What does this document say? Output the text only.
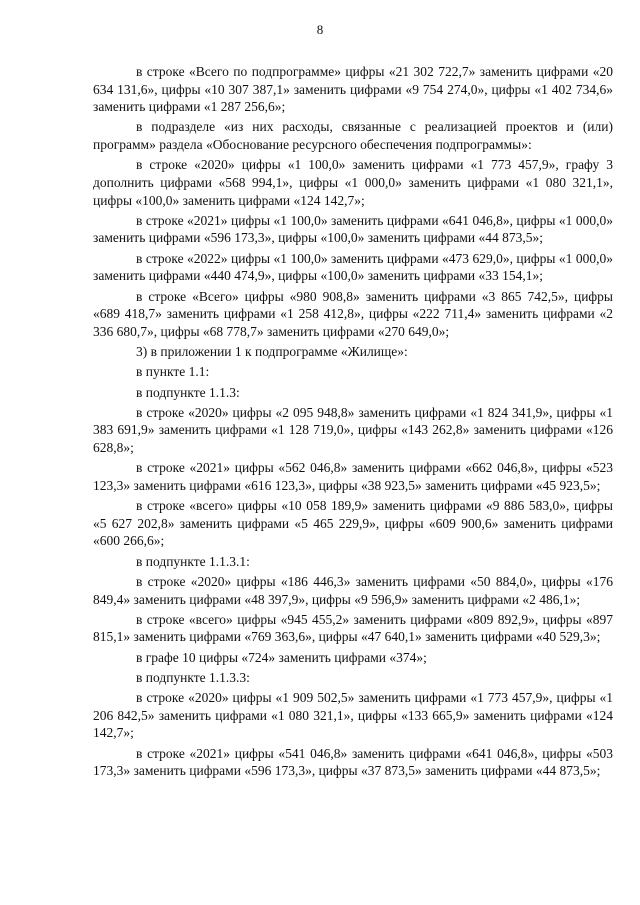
8

в строке «Всего по подпрограмме» цифры «21 302 722,7» заменить цифрами «20 634 131,6», цифры «10 307 387,1» заменить цифрами «9 754 274,0», цифры «1 402 734,6» заменить цифрами «1 287 256,6»;

в подразделе «из них расходы, связанные с реализацией проектов и (или) программ» раздела «Обоснование ресурсного обеспечения подпрограммы»:

в строке «2020» цифры «1 100,0» заменить цифрами «1 773 457,9», графу 3 дополнить цифрами «568 994,1», цифры «1 000,0» заменить цифрами «1 080 321,1», цифры «100,0» заменить цифрами «124 142,7»;

в строке «2021» цифры «1 100,0» заменить цифрами «641 046,8», цифры «1 000,0» заменить цифрами «596 173,3», цифры «100,0» заменить цифрами «44 873,5»;

в строке «2022» цифры «1 100,0» заменить цифрами «473 629,0», цифры «1 000,0» заменить цифрами «440 474,9», цифры «100,0» заменить цифрами «33 154,1»;

в строке «Всего» цифры «980 908,8» заменить цифрами «3 865 742,5», цифры «689 418,7» заменить цифрами «1 258 412,8», цифры «222 711,4» заменить цифрами «2 336 680,7», цифры «68 778,7» заменить цифрами «270 649,0»;

3) в приложении 1 к подпрограмме «Жилище»:

в пункте 1.1:

в подпункте 1.1.3:

в строке «2020» цифры «2 095 948,8» заменить цифрами «1 824 341,9», цифры «1 383 691,9» заменить цифрами «1 128 719,0», цифры «143 262,8» заменить цифрами «126 628,8»;

в строке «2021» цифры «562 046,8» заменить цифрами «662 046,8», цифры «523 123,3» заменить цифрами «616 123,3», цифры «38 923,5» заменить цифрами «45 923,5»;

в строке «всего» цифры «10 058 189,9» заменить цифрами «9 886 583,0», цифры «5 627 202,8» заменить цифрами «5 465 229,9», цифры «609 900,6» заменить цифрами «600 266,6»;

в подпункте 1.1.3.1:

в строке «2020» цифры «186 446,3» заменить цифрами «50 884,0», цифры «176 849,4» заменить цифрами «48 397,9», цифры «9 596,9» заменить цифрами «2 486,1»;

в строке «всего» цифры «945 455,2» заменить цифрами «809 892,9», цифры «897 815,1» заменить цифрами «769 363,6», цифры «47 640,1» заменить цифрами «40 529,3»;

в графе 10 цифры «724» заменить цифрами «374»;

в подпункте 1.1.3.3:

в строке «2020» цифры «1 909 502,5» заменить цифрами «1 773 457,9», цифры «1 206 842,5» заменить цифрами «1 080 321,1», цифры «133 665,9» заменить цифрами «124 142,7»;

в строке «2021» цифры «541 046,8» заменить цифрами «641 046,8», цифры «503 173,3» заменить цифрами «596 173,3», цифры «37 873,5» заменить цифрами «44 873,5»;
